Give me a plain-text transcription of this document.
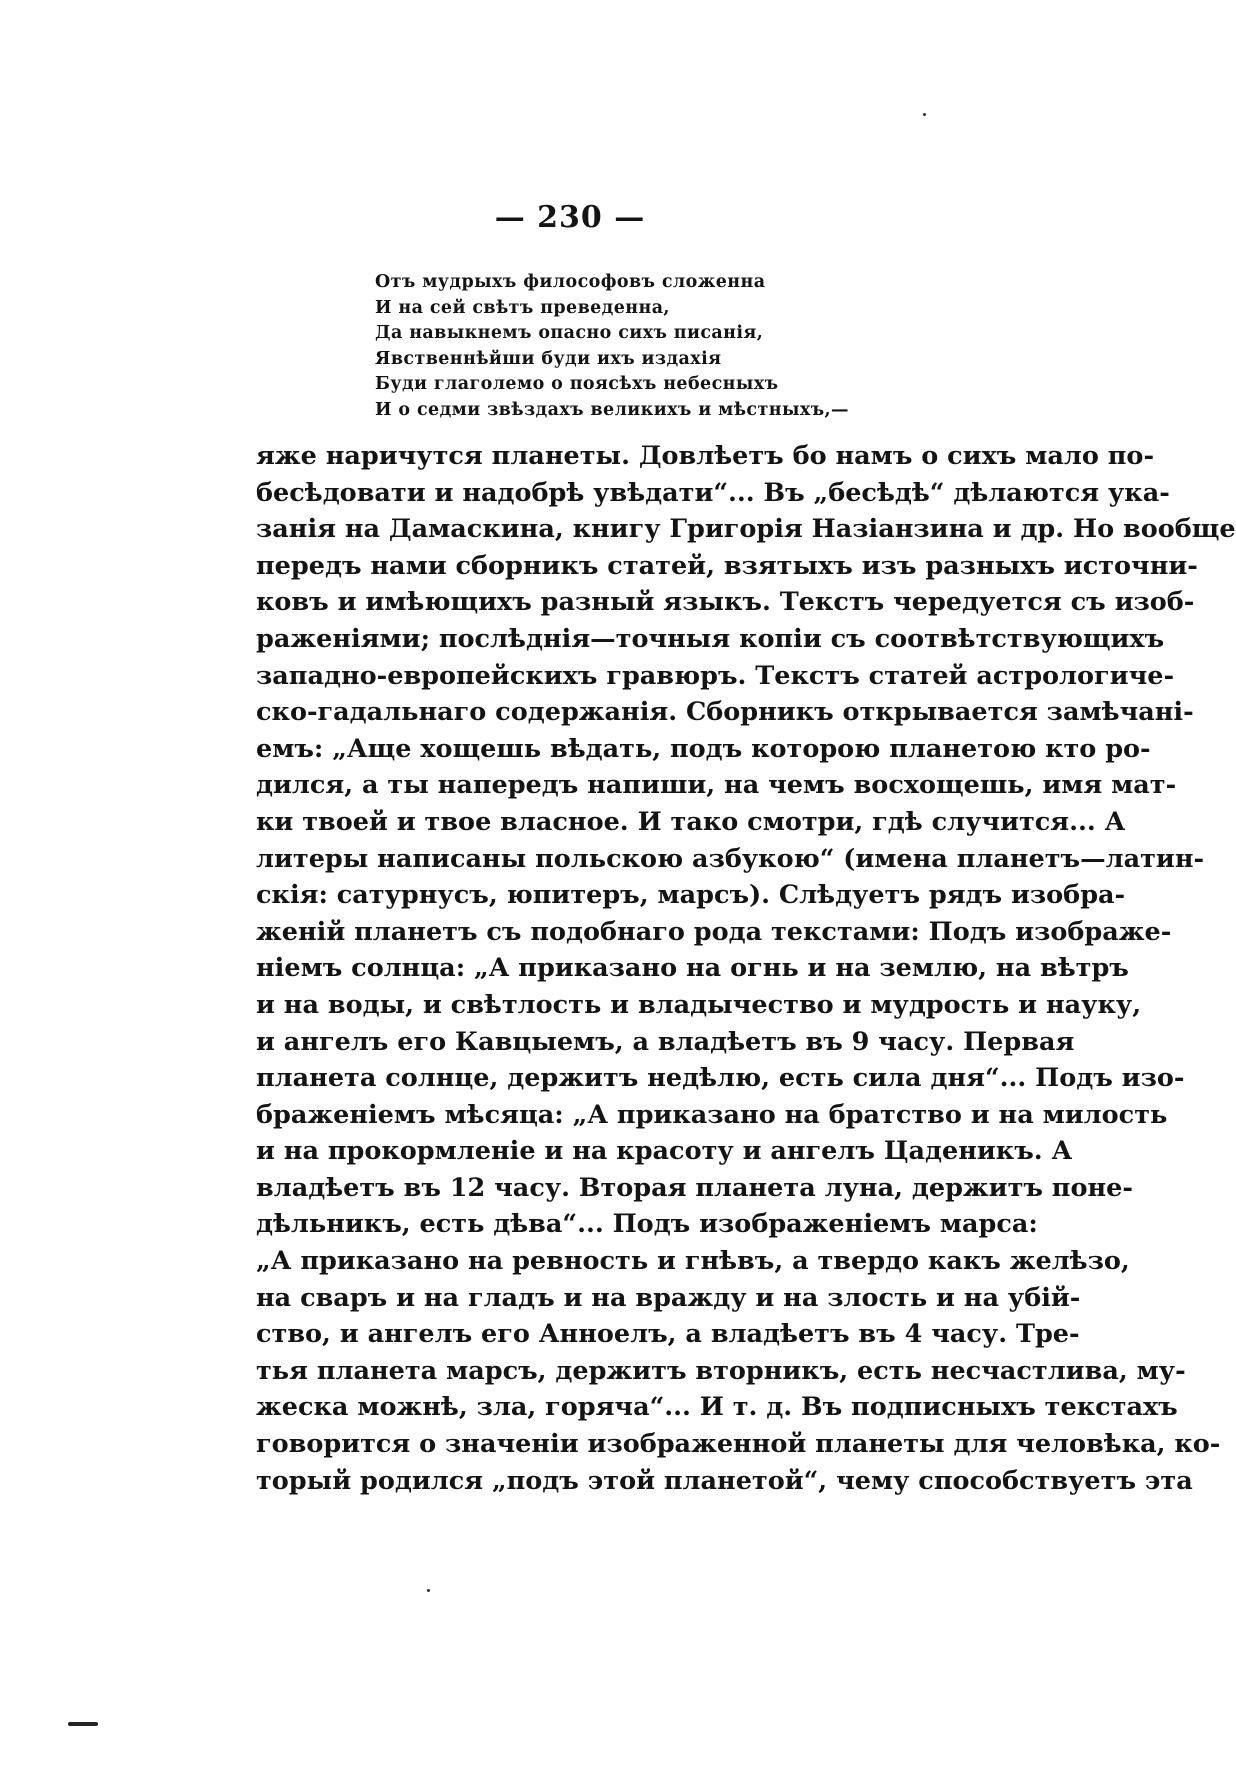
— 230 —
Отъ мудрыхъ философовъ сложенна
И на сей свѣтъ преведенна,
Да навыкнемъ опасно сихъ писанія,
Явственнѣйши буди ихъ издахія
Буди глаголемо о поясѣхъ небесныхъ
И о седми звѣздахъ великихъ и мѣстныхъ,—
яже наричутся планеты. Довлѣетъ бо намъ о сихъ мало по-
бесѣдовати и надобрѣ увѣдати“... Въ „бесѣдѣ“ дѣлаются ука-
занія на Дамаскина, книгу Григорія Назіанзина и др. Но вообще
передъ нами сборникъ статей, взятыхъ изъ разныхъ источни-
ковъ и имѣющихъ разный языкъ. Текстъ чередуется съ изоб-
раженіями; послѣднія—точныя копіи съ соотвѣтствующихъ
западно-европейскихъ гравюръ. Текстъ статей астрологиче-
ско-гадальнаго содержанія. Сборникъ открывается замѣчані-
емъ: „Аще хощешь вѣдать, подъ которою планетою кто ро-
дился, а ты напередъ напиши, на чемъ восхощешь, имя мат-
ки твоей и твое власное. И тако смотри, гдѣ случится... А
литеры написаны польскою азбукою“ (имена планетъ—латин-
скія: сатурнусъ, юпитеръ, марсъ). Слѣдуетъ рядъ изобра-
женій планетъ съ подобнаго рода текстами: Подъ изображе-
ніемъ солнца: „А приказано на огнь и на землю, на вѣтръ
и на воды, и свѣтлость и владычество и мудрость и науку,
и ангелъ его Кавцыемъ, а владѣетъ въ 9 часу. Первая
планета солнце, держитъ недѣлю, есть сила дня“... Подъ изо-
браженіемъ мѣсяца: „А приказано на братство и на милость
и на прокормленіе и на красоту и ангелъ Цаденикъ. А
владѣетъ въ 12 часу. Вторая планета луна, держитъ поне-
дѣльникъ, есть дѣва“... Подъ изображеніемъ марса:
„А приказано на ревность и гнѣвъ, а твердо какъ желѣзо,
на сваръ и на гладъ и на вражду и на злость и на убій-
ство, и ангелъ его Анноелъ, а владѣетъ въ 4 часу. Тре-
тья планета марсъ, держитъ вторникъ, есть несчастлива, му-
жеска можнѣ, зла, горяча“... И т. д. Въ подписныхъ текстахъ
говорится о значеніи изображенной планеты для человѣка, ко-
торый родился „подъ этой планетой“, чему способствуетъ эта
